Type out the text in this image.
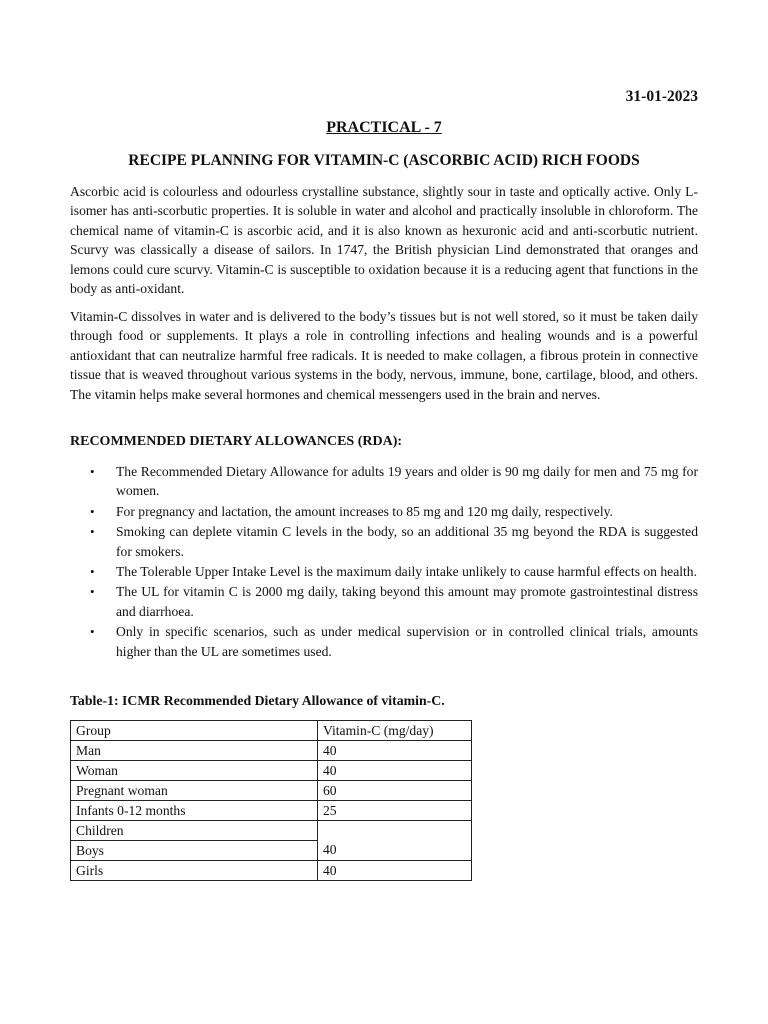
31-01-2023

PRACTICAL - 7

RECIPE PLANNING FOR VITAMIN-C (ASCORBIC ACID) RICH FOODS

Ascorbic acid is colourless and odourless crystalline substance, slightly sour in taste and optically active. Only L-isomer has anti-scorbutic properties. It is soluble in water and alcohol and practically insoluble in chloroform. The chemical name of vitamin-C is ascorbic acid, and it is also known as hexuronic acid and anti-scorbutic nutrient. Scurvy was classically a disease of sailors. In 1747, the British physician Lind demonstrated that oranges and lemons could cure scurvy. Vitamin-C is susceptible to oxidation because it is a reducing agent that functions in the body as anti-oxidant.

Vitamin-C dissolves in water and is delivered to the body’s tissues but is not well stored, so it must be taken daily through food or supplements. It plays a role in controlling infections and healing wounds and is a powerful antioxidant that can neutralize harmful free radicals. It is needed to make collagen, a fibrous protein in connective tissue that is weaved throughout various systems in the body, nervous, immune, bone, cartilage, blood, and others. The vitamin helps make several hormones and chemical messengers used in the brain and nerves.

RECOMMENDED DIETARY ALLOWANCES (RDA):

• The Recommended Dietary Allowance for adults 19 years and older is 90 mg daily for men and 75 mg for women.
• For pregnancy and lactation, the amount increases to 85 mg and 120 mg daily, respectively.
• Smoking can deplete vitamin C levels in the body, so an additional 35 mg beyond the RDA is suggested for smokers.
• The Tolerable Upper Intake Level is the maximum daily intake unlikely to cause harmful effects on health.
• The UL for vitamin C is 2000 mg daily, taking beyond this amount may promote gastrointestinal distress and diarrhoea.
• Only in specific scenarios, such as under medical supervision or in controlled clinical trials, amounts higher than the UL are sometimes used.

Table-1: ICMR Recommended Dietary Allowance of vitamin-C.

Group	Vitamin-C (mg/day)
Man	40
Woman	40
Pregnant woman	60
Infants 0-12 months	25
Children	40
Boys	
Girls	40
